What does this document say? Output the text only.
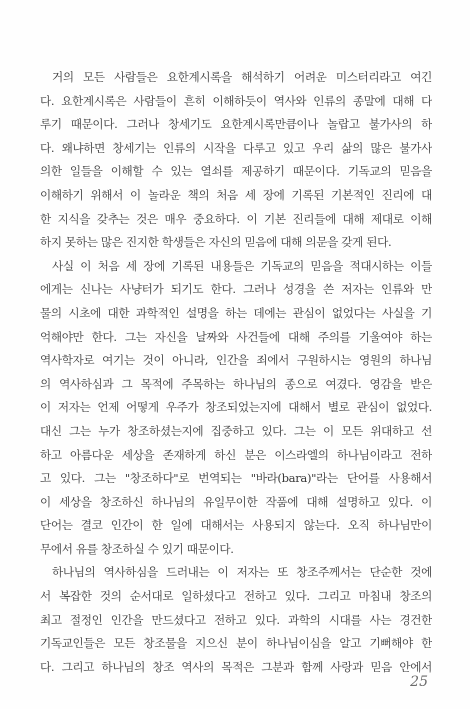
거의 모든 사람들은 요한계시록을 해석하기 어려운 미스터리라고 여긴
다. 요한계시록은 사람들이 흔히 이해하듯이 역사와 인류의 종말에 대해 다
루기 때문이다. 그러나 창세기도 요한계시록만큼이나 놀랍고 불가사의 하
다. 왜냐하면 창세기는 인류의 시작을 다루고 있고 우리 삶의 많은 불가사
의한 일들을 이해할 수 있는 열쇠를 제공하기 때문이다. 기독교의 믿음을
이해하기 위해서 이 놀라운 책의 처음 세 장에 기록된 기본적인 진리에 대
한 지식을 갖추는 것은 매우 중요하다. 이 기본 진리들에 대해 제대로 이해
하지 못하는 많은 진지한 학생들은 자신의 믿음에 대해 의문을 갖게 된다.
사실 이 처음 세 장에 기록된 내용들은 기독교의 믿음을 적대시하는 이들
에게는 신나는 사냥터가 되기도 한다. 그러나 성경을 쓴 저자는 인류와 만
물의 시초에 대한 과학적인 설명을 하는 데에는 관심이 없었다는 사실을 기
억해야만 한다. 그는 자신을 날짜와 사건들에 대해 주의를 기울여야 하는
역사학자로 여기는 것이 아니라, 인간을 죄에서 구원하시는 영원의 하나님
의 역사하심과 그 목적에 주목하는 하나님의 종으로 여겼다. 영감을 받은
이 저자는 언제 어떻게 우주가 창조되었는지에 대해서 별로 관심이 없었다.
대신 그는 누가 창조하셨는지에 집중하고 있다. 그는 이 모든 위대하고 선
하고 아름다운 세상을 존재하게 하신 분은 이스라엘의 하나님이라고 전하
고 있다. 그는 "창조하다"로 번역되는 "바라(bara)"라는 단어를 사용해서
이 세상을 창조하신 하나님의 유일무이한 작품에 대해 설명하고 있다. 이
단어는 결코 인간이 한 일에 대해서는 사용되지 않는다. 오직 하나님만이
무에서 유를 창조하실 수 있기 때문이다.
하나님의 역사하심을 드러내는 이 저자는 또 창조주께서는 단순한 것에
서 복잡한 것의 순서대로 일하셨다고 전하고 있다. 그리고 마침내 창조의
최고 절정인 인간을 만드셨다고 전하고 있다. 과학의 시대를 사는 경건한
기독교인들은 모든 창조물을 지으신 분이 하나님이심을 알고 기뻐해야 한
다. 그리고 하나님의 창조 역사의 목적은 그분과 함께 사랑과 믿음 안에서
25
